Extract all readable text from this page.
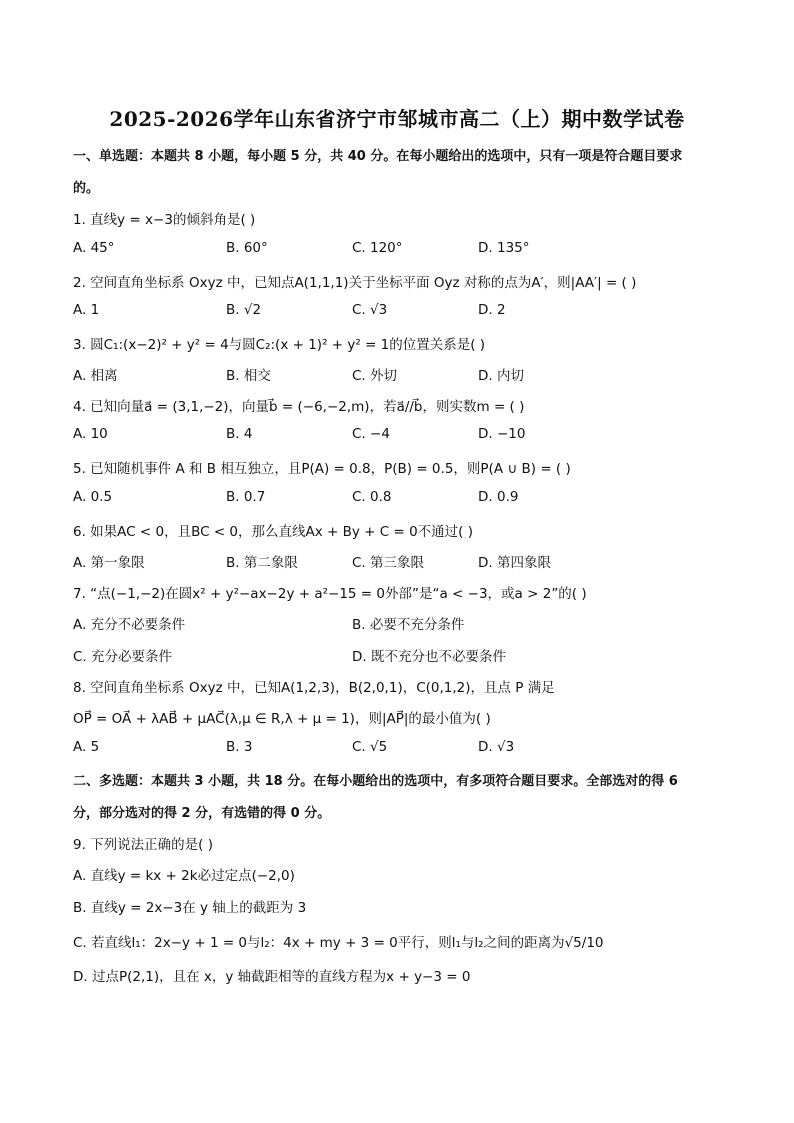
2025-2026学年山东省济宁市邹城市高二（上）期中数学试卷
一、单选题：本题共 8 小题，每小题 5 分，共 40 分。在每小题给出的选项中，只有一项是符合题目要求
的。
1. 直线y = x−3的倾斜角是( )
A. 45°	B. 60°	C. 120°	D. 135°
2. 空间直角坐标系 Oxyz 中，已知点A(1,1,1)关于坐标平面 Oyz 对称的点为A′，则|AA′| = ( )
A. 1	B. √2	C. √3	D. 2
3. 圆C₁:(x−2)² + y² = 4与圆C₂:(x + 1)² + y² = 1的位置关系是( )
A. 相离	B. 相交	C. 外切	D. 内切
4. 已知向量a⃗ = (3,1,−2)，向量b⃗ = (−6,−2,m)，若a⃗//b⃗，则实数m = ( )
A. 10	B. 4	C. −4	D. −10
5. 已知随机事件 A 和 B 相互独立，且P(A) = 0.8，P(B) = 0.5，则P(A ∪ B) = ( )
A. 0.5	B. 0.7	C. 0.8	D. 0.9
6. 如果AC < 0，且BC < 0，那么直线Ax + By + C = 0不通过( )
A. 第一象限	B. 第二象限	C. 第三象限	D. 第四象限
7. “点(−1,−2)在圆x² + y²−ax−2y + a²−15 = 0外部”是“a < −3，或a > 2”的( )
A. 充分不必要条件	B. 必要不充分条件
C. 充分必要条件	D. 既不充分也不必要条件
8. 空间直角坐标系 Oxyz 中，已知A(1,2,3)，B(2,0,1)，C(0,1,2)，且点 P 满足
OP⃗ = OA⃗ + λAB⃗ + μAC⃗(λ,μ ∈ R,λ + μ = 1)，则|AP⃗|的最小值为( )
A. 5	B. 3	C. √5	D. √3
二、多选题：本题共 3 小题，共 18 分。在每小题给出的选项中，有多项符合题目要求。全部选对的得 6
分，部分选对的得 2 分，有选错的得 0 分。
9. 下列说法正确的是( )
A. 直线y = kx + 2k必过定点(−2,0)
B. 直线y = 2x−3在 y 轴上的截距为 3
C. 若直线l₁：2x−y + 1 = 0与l₂：4x + my + 3 = 0平行，则l₁与l₂之间的距离为√5/10
D. 过点P(2,1)，且在 x，y 轴截距相等的直线方程为x + y−3 = 0
